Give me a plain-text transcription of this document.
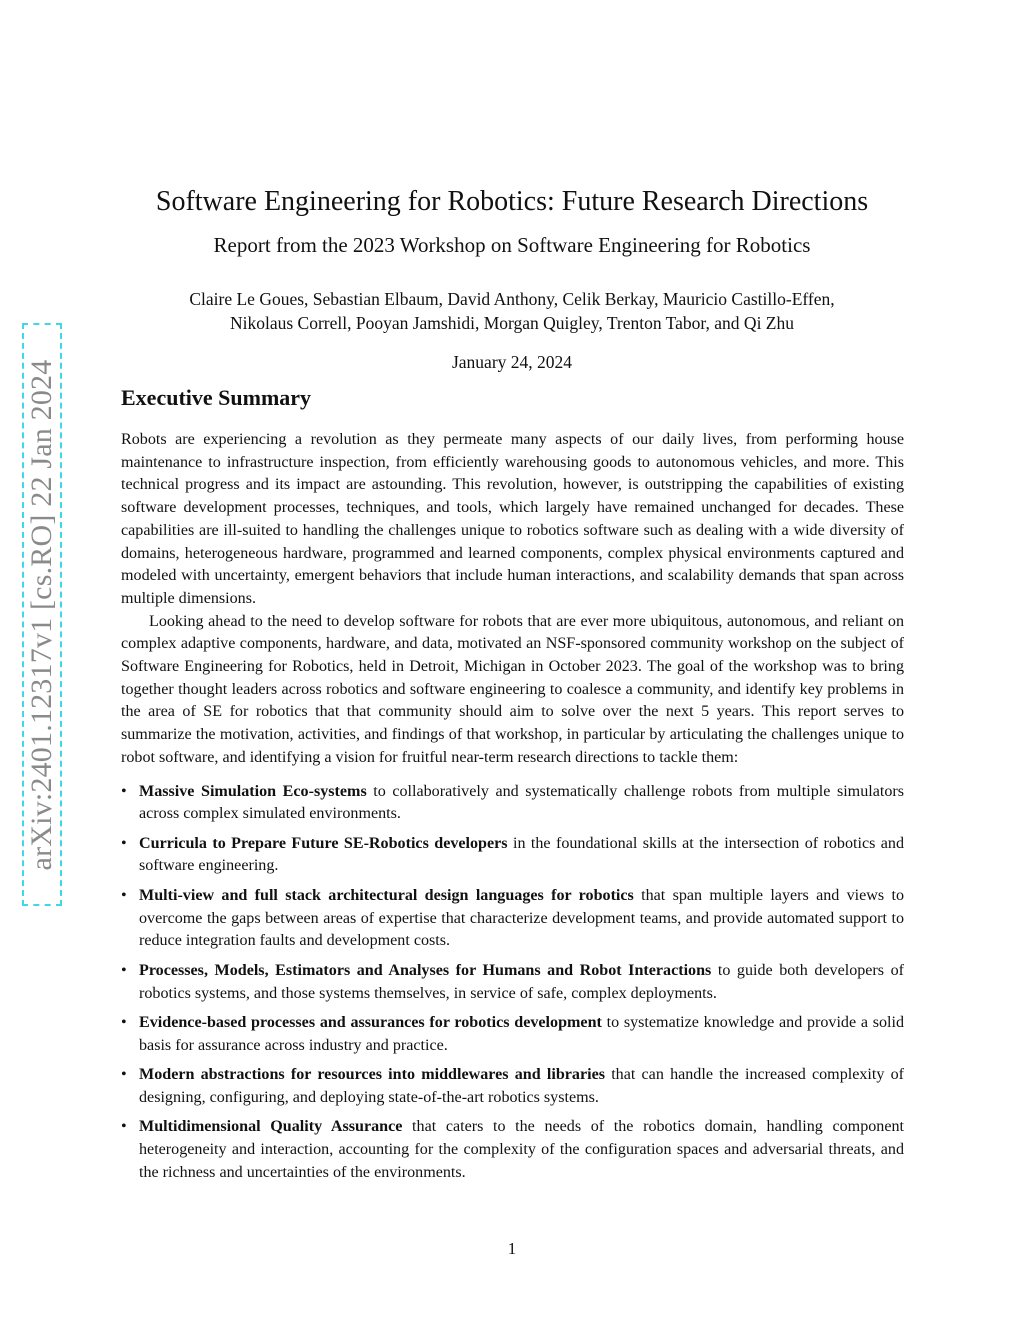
arXiv:2401.12317v1 [cs.RO] 22 Jan 2024
Software Engineering for Robotics: Future Research Directions
Report from the 2023 Workshop on Software Engineering for Robotics
Claire Le Goues, Sebastian Elbaum, David Anthony, Celik Berkay, Mauricio Castillo-Effen,
Nikolaus Correll, Pooyan Jamshidi, Morgan Quigley, Trenton Tabor, and Qi Zhu
January 24, 2024
Executive Summary

Robots are experiencing a revolution as they permeate many aspects of our daily lives, from performing house maintenance to infrastructure inspection, from efficiently warehousing goods to autonomous vehicles, and more. This technical progress and its impact are astounding. This revolution, however, is outstripping the capabilities of existing software development processes, techniques, and tools, which largely have remained unchanged for decades. These capabilities are ill-suited to handling the challenges unique to robotics software such as dealing with a wide diversity of domains, heterogeneous hardware, programmed and learned components, complex physical environments captured and modeled with uncertainty, emergent behaviors that include human interactions, and scalability demands that span across multiple dimensions.

Looking ahead to the need to develop software for robots that are ever more ubiquitous, autonomous, and reliant on complex adaptive components, hardware, and data, motivated an NSF-sponsored community workshop on the subject of Software Engineering for Robotics, held in Detroit, Michigan in October 2023. The goal of the workshop was to bring together thought leaders across robotics and software engineering to coalesce a community, and identify key problems in the area of SE for robotics that that community should aim to solve over the next 5 years. This report serves to summarize the motivation, activities, and findings of that workshop, in particular by articulating the challenges unique to robot software, and identifying a vision for fruitful near-term research directions to tackle them:

• Massive Simulation Eco-systems to collaboratively and systematically challenge robots from multiple simulators across complex simulated environments.
• Curricula to Prepare Future SE-Robotics developers in the foundational skills at the intersection of robotics and software engineering.
• Multi-view and full stack architectural design languages for robotics that span multiple layers and views to overcome the gaps between areas of expertise that characterize development teams, and provide automated support to reduce integration faults and development costs.
• Processes, Models, Estimators and Analyses for Humans and Robot Interactions to guide both developers of robotics systems, and those systems themselves, in service of safe, complex deployments.
• Evidence-based processes and assurances for robotics development to systematize knowledge and provide a solid basis for assurance across industry and practice.
• Modern abstractions for resources into middlewares and libraries that can handle the increased complexity of designing, configuring, and deploying state-of-the-art robotics systems.
• Multidimensional Quality Assurance that caters to the needs of the robotics domain, handling component heterogeneity and interaction, accounting for the complexity of the configuration spaces and adversarial threats, and the richness and uncertainties of the environments.
1
